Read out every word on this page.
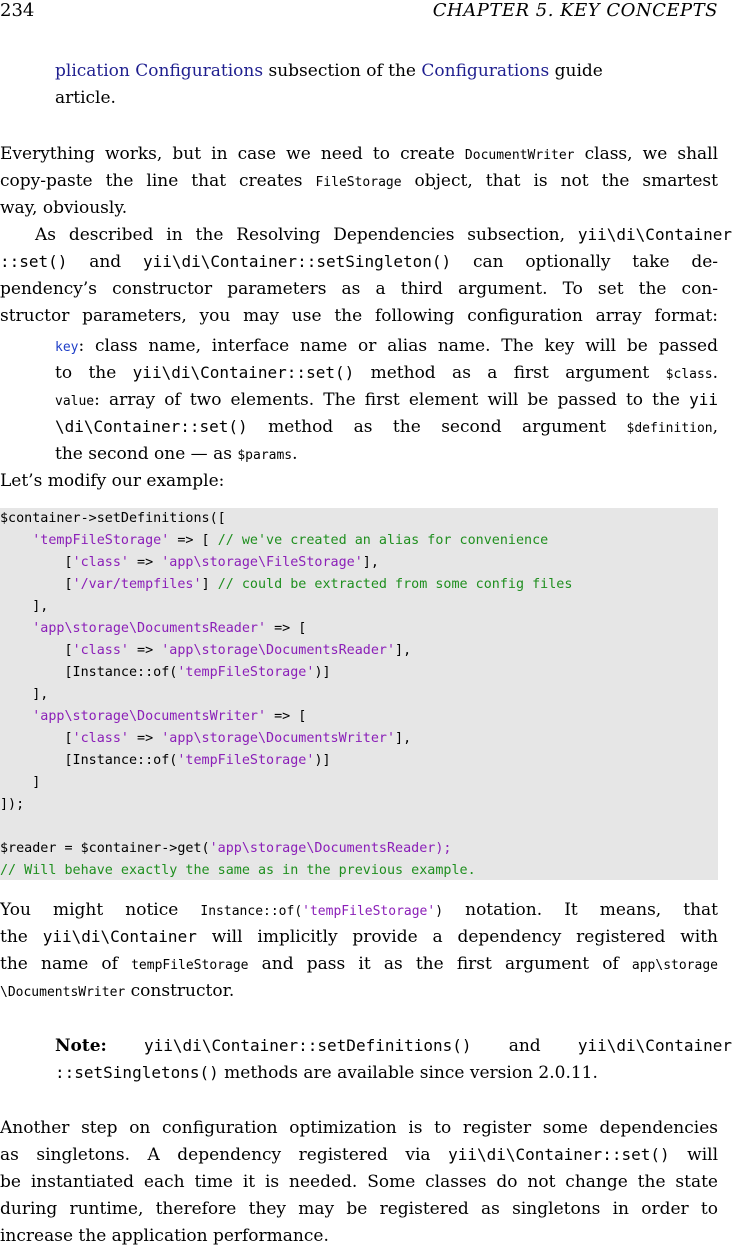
234	CHAPTER 5. KEY CONCEPTS
plication Configurations subsection of the Configurations guide
article.
Everything works, but in case we need to create DocumentWriter class, we shall
copy-paste the line that creates FileStorage object, that is not the smartest
way, obviously.
As described in the Resolving Dependencies subsection, yii\di\Container
::set() and yii\di\Container::setSingleton() can optionally take de-
pendency’s constructor parameters as a third argument. To set the con-
structor parameters, you may use the following configuration array format:
key: class name, interface name or alias name. The key will be passed
to the yii\di\Container::set() method as a first argument $class.
value: array of two elements. The first element will be passed to the yii
\di\Container::set() method as the second argument $definition,
the second one — as $params.
Let’s modify our example:
$container->setDefinitions([
'tempFileStorage' => [ // we've created an alias for convenience
['class' => 'app\storage\FileStorage'],
['/var/tempfiles'] // could be extracted from some config files
],
'app\storage\DocumentsReader' => [
['class' => 'app\storage\DocumentsReader'],
[Instance::of('tempFileStorage')]
],
'app\storage\DocumentsWriter' => [
['class' => 'app\storage\DocumentsWriter'],
[Instance::of('tempFileStorage')]
]
]);
$reader = $container->get('app\storage\DocumentsReader);
// Will behave exactly the same as in the previous example.
You might notice Instance::of('tempFileStorage') notation. It means, that
the yii\di\Container will implicitly provide a dependency registered with
the name of tempFileStorage and pass it as the first argument of app\storage
\DocumentsWriter constructor.
Note: yii\di\Container::setDefinitions() and yii\di\Container
::setSingletons() methods are available since version 2.0.11.
Another step on configuration optimization is to register some dependencies
as singletons. A dependency registered via yii\di\Container::set() will
be instantiated each time it is needed. Some classes do not change the state
during runtime, therefore they may be registered as singletons in order to
increase the application performance.
